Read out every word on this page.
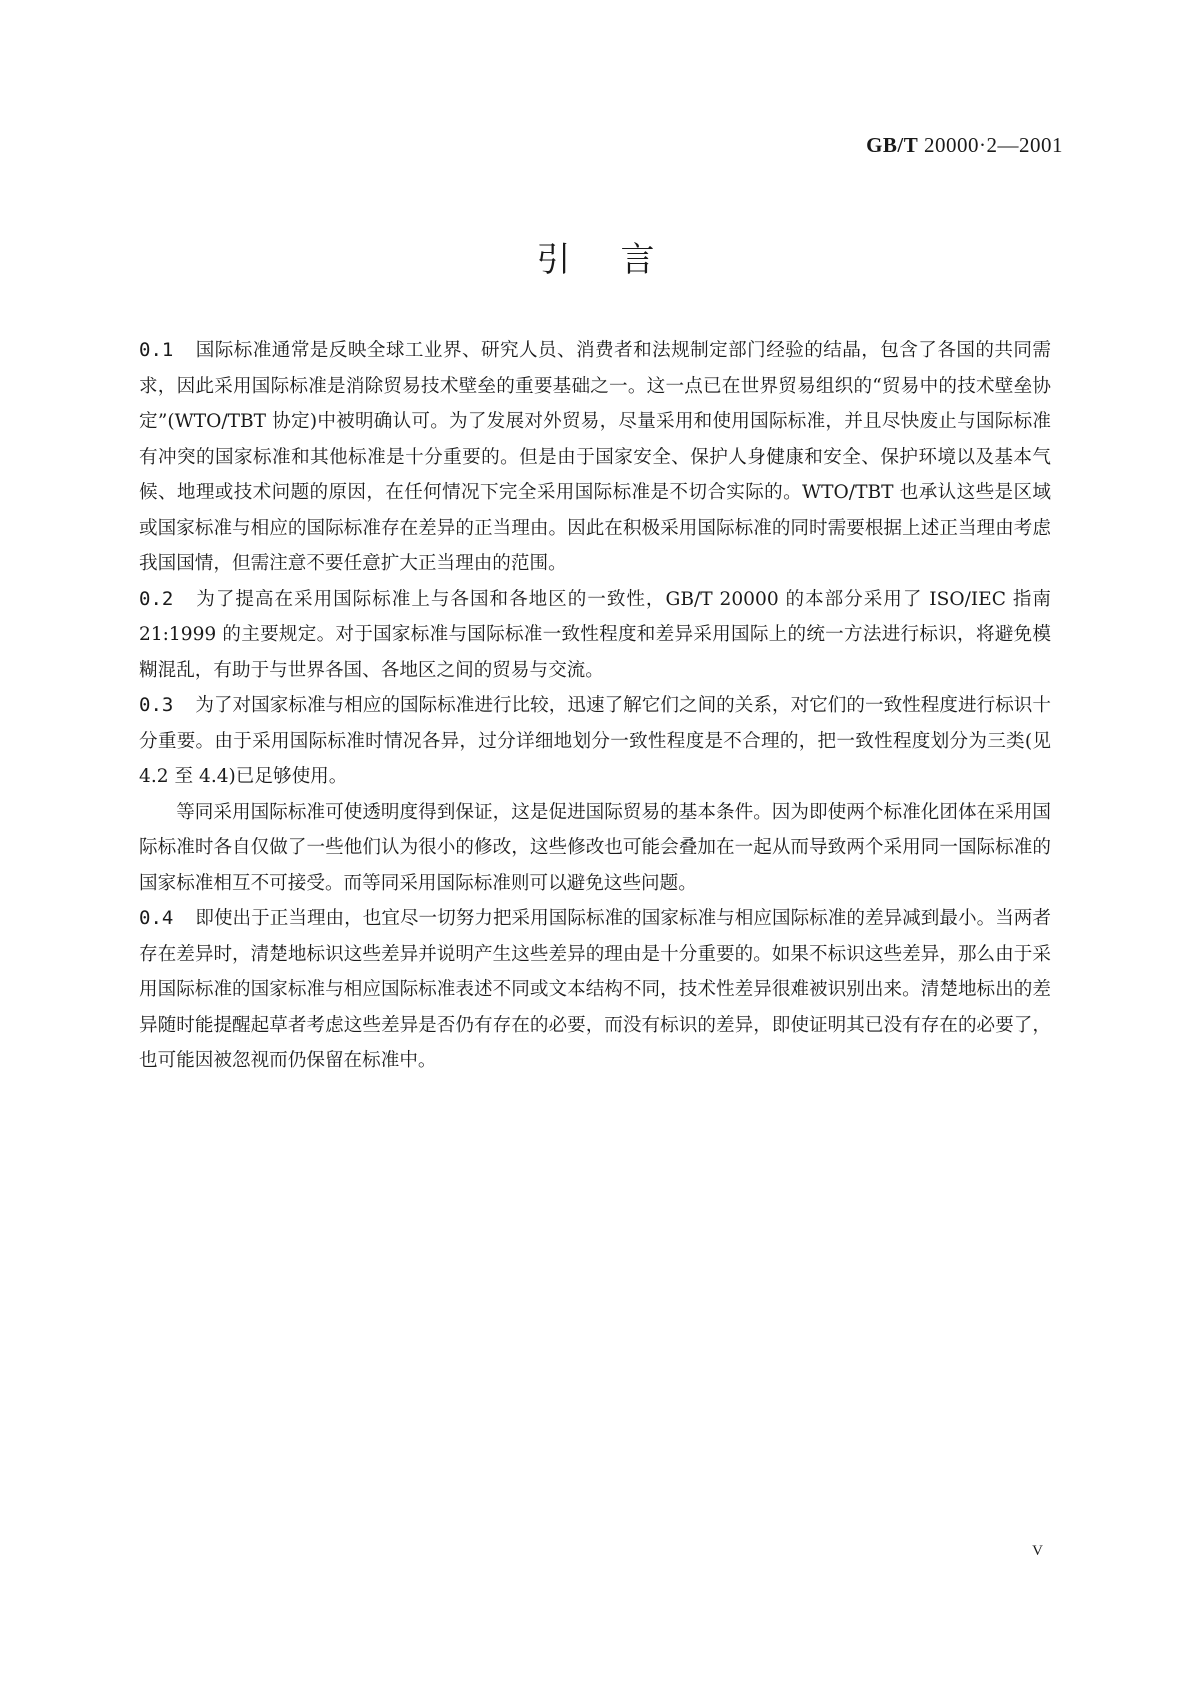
GB/T 20000·2—2001
引言

0.1 国际标准通常是反映全球工业界、研究人员、消费者和法规制定部门经验的结晶，包含了各国的共同需求，因此采用国际标准是消除贸易技术壁垒的重要基础之一。这一点已在世界贸易组织的“贸易中的技术壁垒协定”(WTO/TBT 协定)中被明确认可。为了发展对外贸易，尽量采用和使用国际标准，并且尽快废止与国际标准有冲突的国家标准和其他标准是十分重要的。但是由于国家安全、保护人身健康和安全、保护环境以及基本气候、地理或技术问题的原因，在任何情况下完全采用国际标准是不切合实际的。WTO/TBT 也承认这些是区域或国家标准与相应的国际标准存在差异的正当理由。因此在积极采用国际标准的同时需要根据上述正当理由考虑我国国情，但需注意不要任意扩大正当理由的范围。

0.2 为了提高在采用国际标准上与各国和各地区的一致性，GB/T 20000 的本部分采用了 ISO/IEC 指南 21:1999 的主要规定。对于国家标准与国际标准一致性程度和差异采用国际上的统一方法进行标识，将避免模糊混乱，有助于与世界各国、各地区之间的贸易与交流。

0.3 为了对国家标准与相应的国际标准进行比较，迅速了解它们之间的关系，对它们的一致性程度进行标识十分重要。由于采用国际标准时情况各异，过分详细地划分一致性程度是不合理的，把一致性程度划分为三类(见 4.2 至 4.4)已足够使用。

等同采用国际标准可使透明度得到保证，这是促进国际贸易的基本条件。因为即使两个标准化团体在采用国际标准时各自仅做了一些他们认为很小的修改，这些修改也可能会叠加在一起从而导致两个采用同一国际标准的国家标准相互不可接受。而等同采用国际标准则可以避免这些问题。

0.4 即使出于正当理由，也宜尽一切努力把采用国际标准的国家标准与相应国际标准的差异减到最小。当两者存在差异时，清楚地标识这些差异并说明产生这些差异的理由是十分重要的。如果不标识这些差异，那么由于采用国际标准的国家标准与相应国际标准表述不同或文本结构不同，技术性差异很难被识别出来。清楚地标出的差异随时能提醒起草者考虑这些差异是否仍有存在的必要，而没有标识的差异，即使证明其已没有存在的必要了，也可能因被忽视而仍保留在标准中。

V
